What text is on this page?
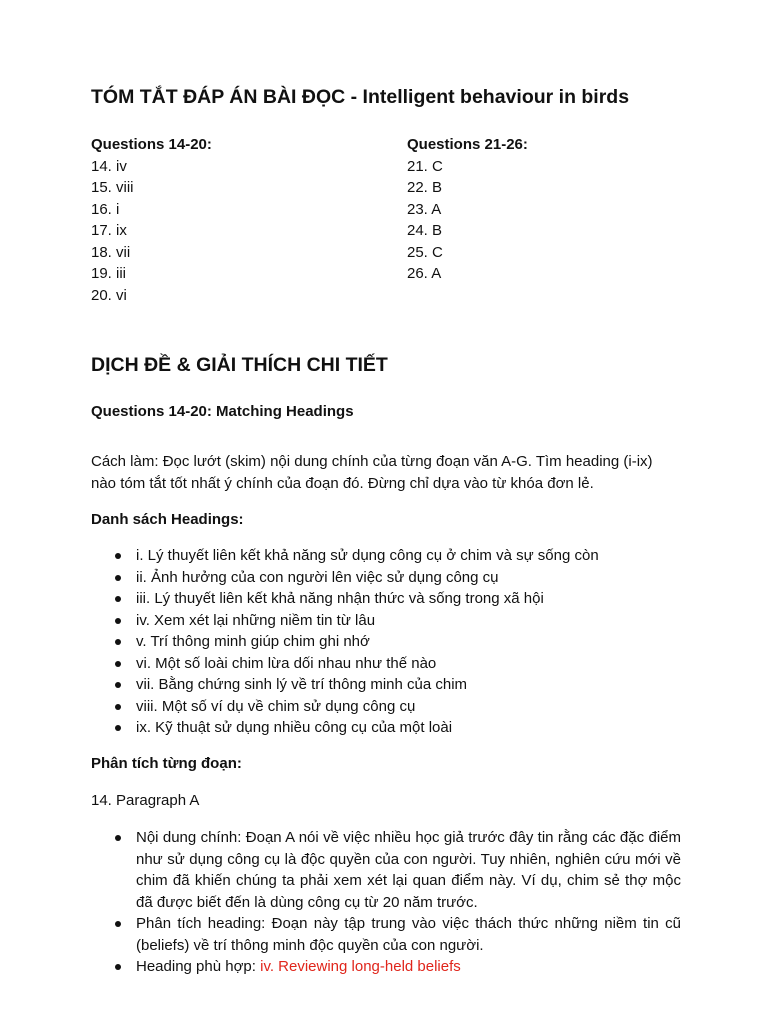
TÓM TẮT ĐÁP ÁN BÀI ĐỌC - Intelligent behaviour in birds
Questions 14-20:
14. iv
15. viii
16. i
17. ix
18. vii
19. iii
20. vi
Questions 21-26:
21. C
22. B
23. A
24. B
25. C
26. A
DỊCH ĐỀ & GIẢI THÍCH CHI TIẾT

Questions 14-20: Matching Headings

Cách làm: Đọc lướt (skim) nội dung chính của từng đoạn văn A-G. Tìm heading (i-ix) nào tóm tắt tốt nhất ý chính của đoạn đó. Đừng chỉ dựa vào từ khóa đơn lẻ.

Danh sách Headings:

i. Lý thuyết liên kết khả năng sử dụng công cụ ở chim và sự sống còn
ii. Ảnh hưởng của con người lên việc sử dụng công cụ
iii. Lý thuyết liên kết khả năng nhận thức và sống trong xã hội
iv. Xem xét lại những niềm tin từ lâu
v. Trí thông minh giúp chim ghi nhớ
vi. Một số loài chim lừa dối nhau như thế nào
vii. Bằng chứng sinh lý về trí thông minh của chim
viii. Một số ví dụ về chim sử dụng công cụ
ix. Kỹ thuật sử dụng nhiều công cụ của một loài

Phân tích từng đoạn:

14. Paragraph A

Nội dung chính: Đoạn A nói về việc nhiều học giả trước đây tin rằng các đặc điểm như sử dụng công cụ là độc quyền của con người. Tuy nhiên, nghiên cứu mới về chim đã khiến chúng ta phải xem xét lại quan điểm này. Ví dụ, chim sẻ thợ mộc đã được biết đến là dùng công cụ từ 20 năm trước.
Phân tích heading: Đoạn này tập trung vào việc thách thức những niềm tin cũ (beliefs) về trí thông minh độc quyền của con người.
Heading phù hợp: iv. Reviewing long-held beliefs
